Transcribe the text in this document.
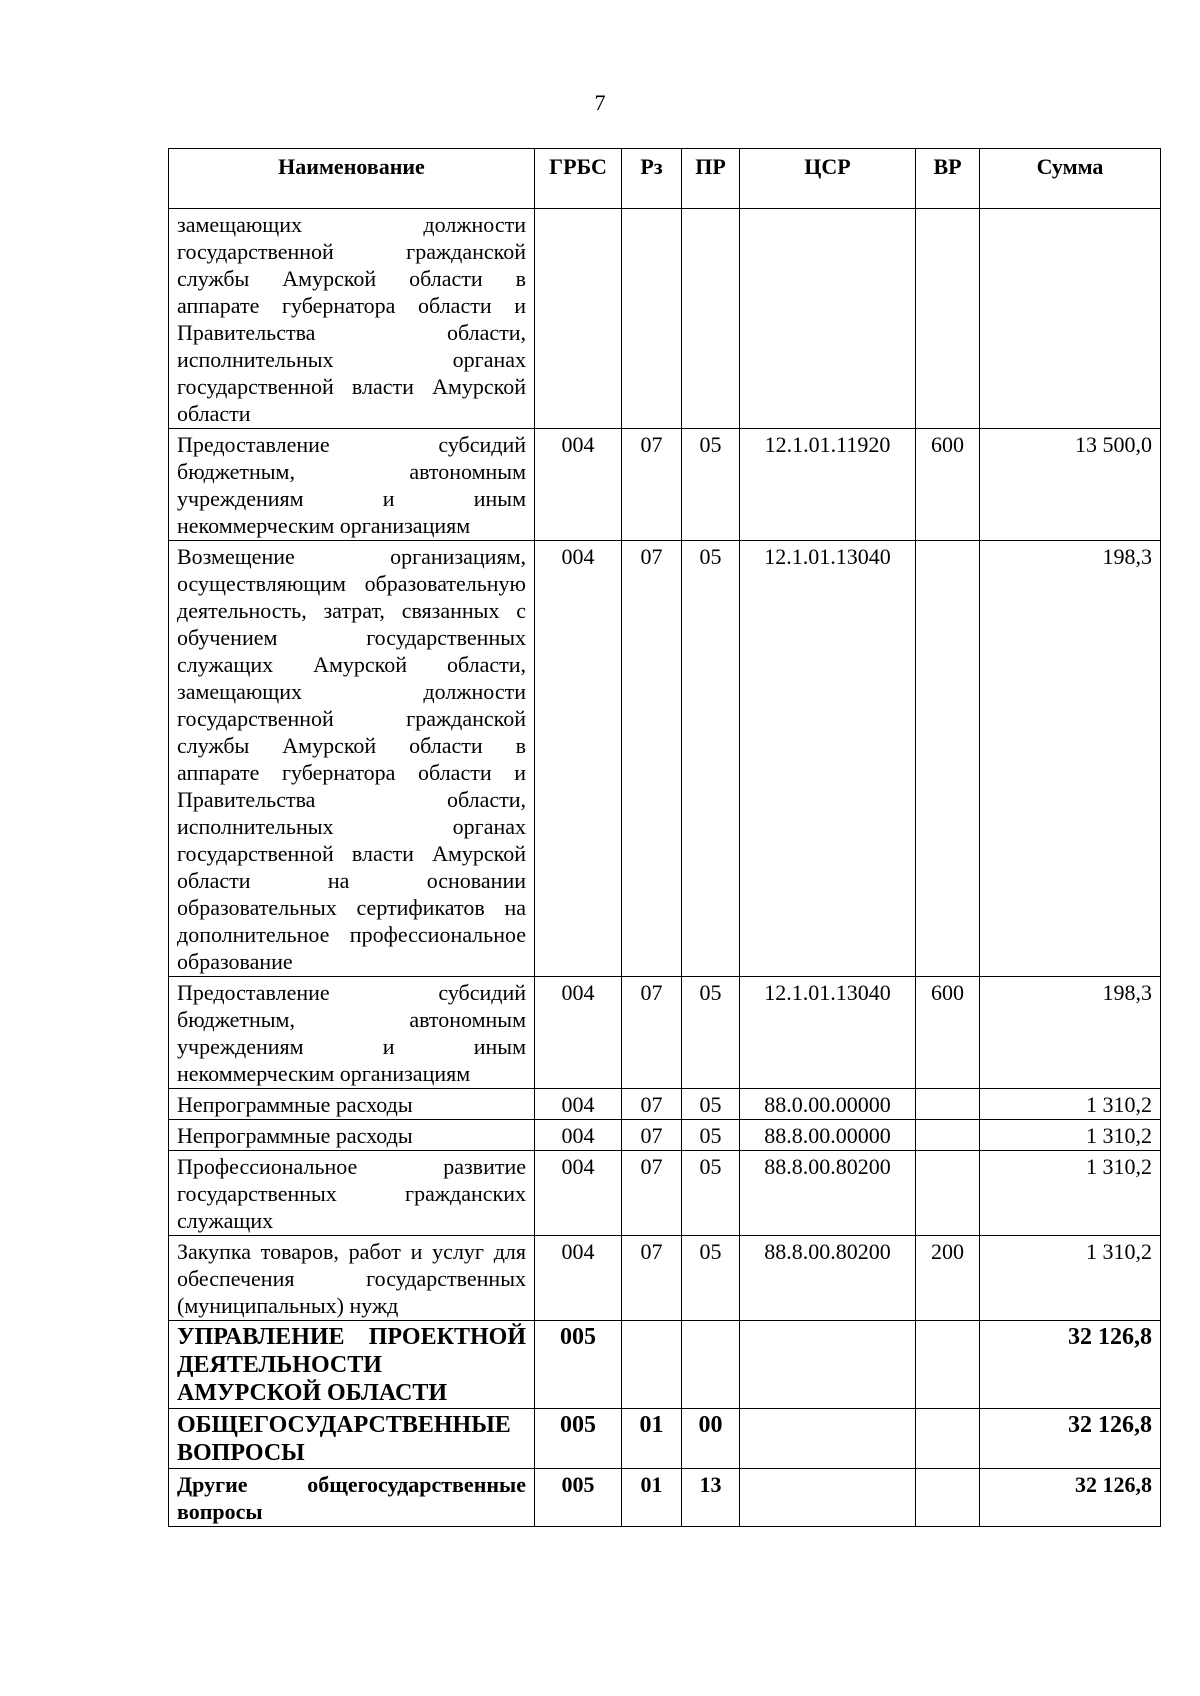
7
Наименование	ГРБС	Рз	ПР	ЦСР	ВР	Сумма
замещающих должности государственной гражданской службы Амурской области в аппарате губернатора области и Правительства области, исполнительных органах государственной власти Амурской области						
Предоставление субсидий бюджетным, автономным учреждениям и иным некоммерческим организациям	004	07	05	12.1.01.11920	600	13 500,0
Возмещение организациям, осуществляющим образовательную деятельность, затрат, связанных с обучением государственных служащих Амурской области, замещающих должности государственной гражданской службы Амурской области в аппарате губернатора области и Правительства области, исполнительных органах государственной власти Амурской области на основании образовательных сертификатов на дополнительное профессиональное образование	004	07	05	12.1.01.13040		198,3
Предоставление субсидий бюджетным, автономным учреждениям и иным некоммерческим организациям	004	07	05	12.1.01.13040	600	198,3
Непрограммные расходы	004	07	05	88.0.00.00000		1 310,2
Непрограммные расходы	004	07	05	88.8.00.00000		1 310,2
Профессиональное развитие государственных гражданских служащих	004	07	05	88.8.00.80200		1 310,2
Закупка товаров, работ и услуг для обеспечения государственных (муниципальных) нужд	004	07	05	88.8.00.80200	200	1 310,2
УПРАВЛЕНИЕ ПРОЕКТНОЙ ДЕЯТЕЛЬНОСТИ АМУРСКОЙ ОБЛАСТИ	005					32 126,8
ОБЩЕГОСУДАРСТВЕННЫЕ ВОПРОСЫ	005	01	00			32 126,8
Другие общегосударственные вопросы	005	01	13			32 126,8
